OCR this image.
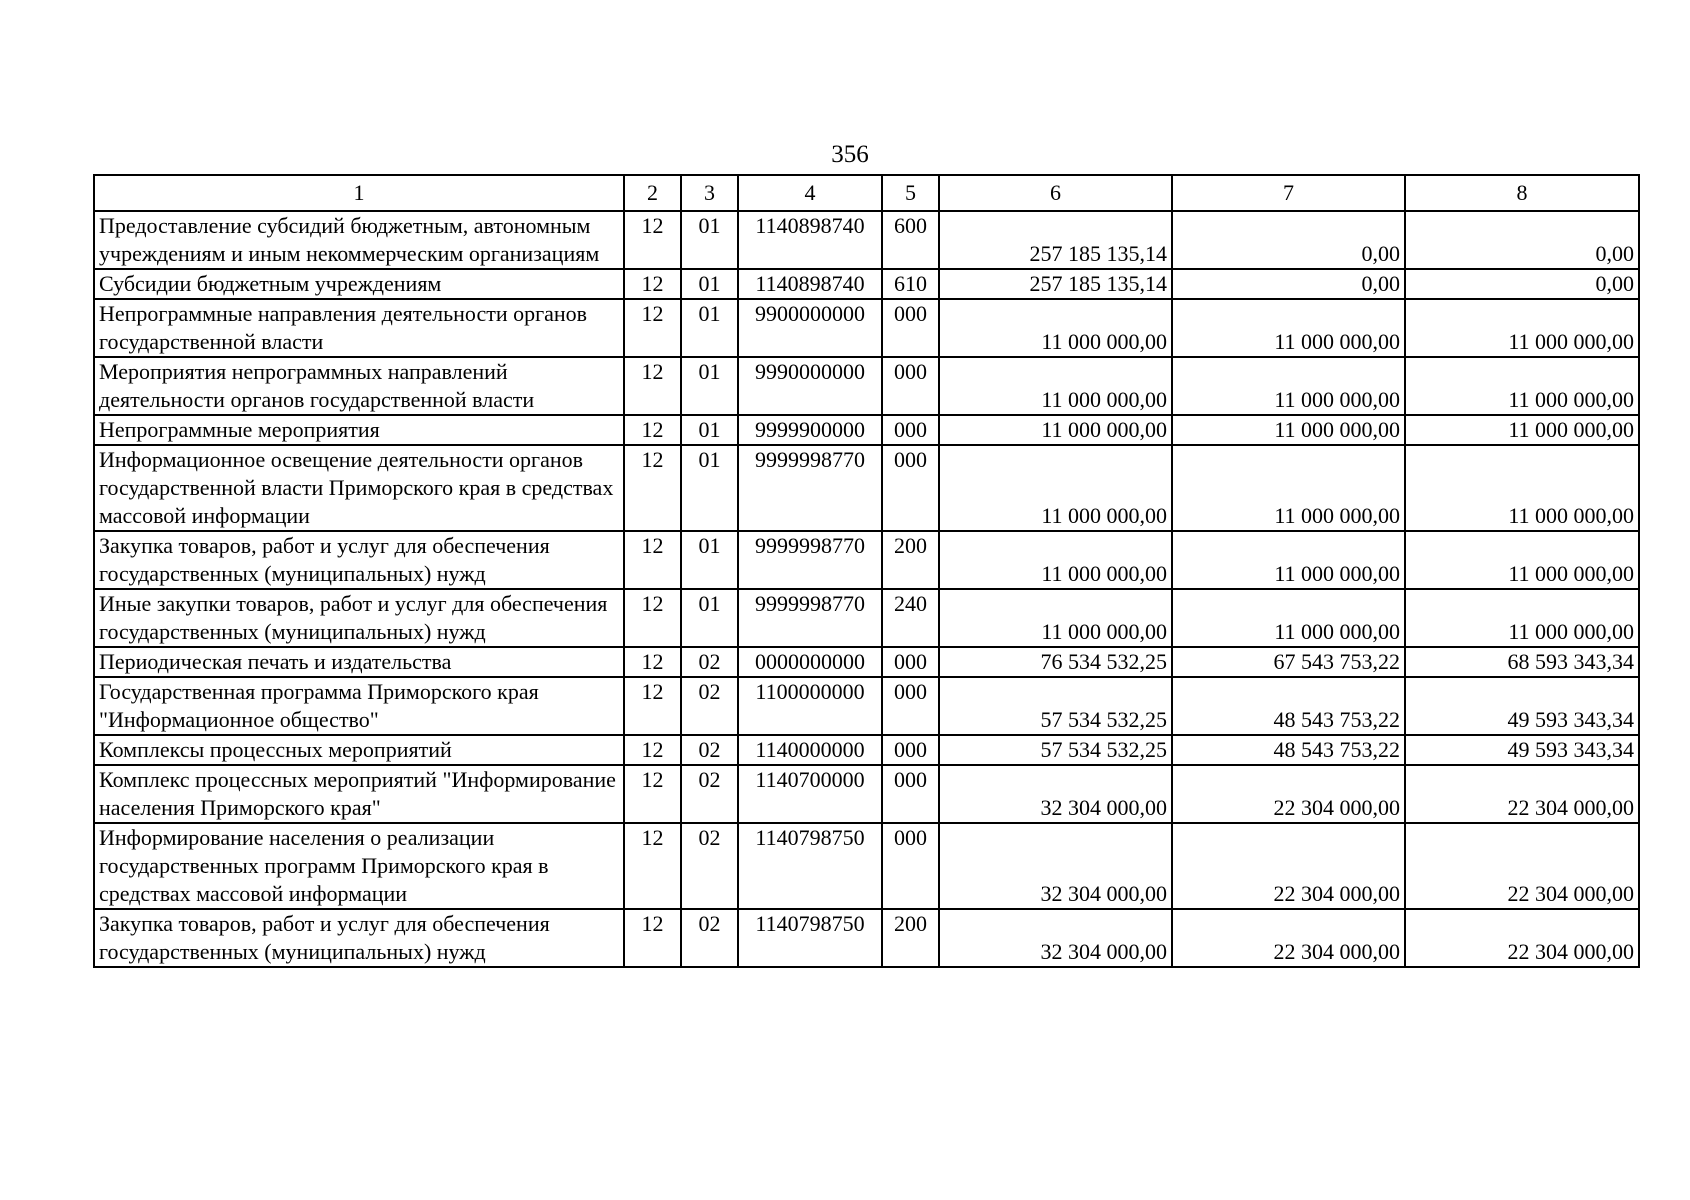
356
1	2	3	4	5	6	7	8
Предоставление субсидий бюджетным, автономным учреждениям и иным некоммерческим организациям	12	01	1140898740	600	257 185 135,14	0,00	0,00
Субсидии бюджетным учреждениям	12	01	1140898740	610	257 185 135,14	0,00	0,00
Непрограммные направления деятельности органов государственной власти	12	01	9900000000	000	11 000 000,00	11 000 000,00	11 000 000,00
Мероприятия непрограммных направлений деятельности органов государственной власти	12	01	9990000000	000	11 000 000,00	11 000 000,00	11 000 000,00
Непрограммные мероприятия	12	01	9999900000	000	11 000 000,00	11 000 000,00	11 000 000,00
Информационное освещение деятельности органов государственной власти Приморского края в средствах массовой информации	12	01	9999998770	000	11 000 000,00	11 000 000,00	11 000 000,00
Закупка товаров, работ и услуг для обеспечения государственных (муниципальных) нужд	12	01	9999998770	200	11 000 000,00	11 000 000,00	11 000 000,00
Иные закупки товаров, работ и услуг для обеспечения государственных (муниципальных) нужд	12	01	9999998770	240	11 000 000,00	11 000 000,00	11 000 000,00
Периодическая печать и издательства	12	02	0000000000	000	76 534 532,25	67 543 753,22	68 593 343,34
Государственная программа Приморского края "Информационное общество"	12	02	1100000000	000	57 534 532,25	48 543 753,22	49 593 343,34
Комплексы процессных мероприятий	12	02	1140000000	000	57 534 532,25	48 543 753,22	49 593 343,34
Комплекс процессных мероприятий "Информирование населения Приморского края"	12	02	1140700000	000	32 304 000,00	22 304 000,00	22 304 000,00
Информирование населения о реализации государственных программ Приморского края в средствах массовой информации	12	02	1140798750	000	32 304 000,00	22 304 000,00	22 304 000,00
Закупка товаров, работ и услуг для обеспечения государственных (муниципальных) нужд	12	02	1140798750	200	32 304 000,00	22 304 000,00	22 304 000,00
